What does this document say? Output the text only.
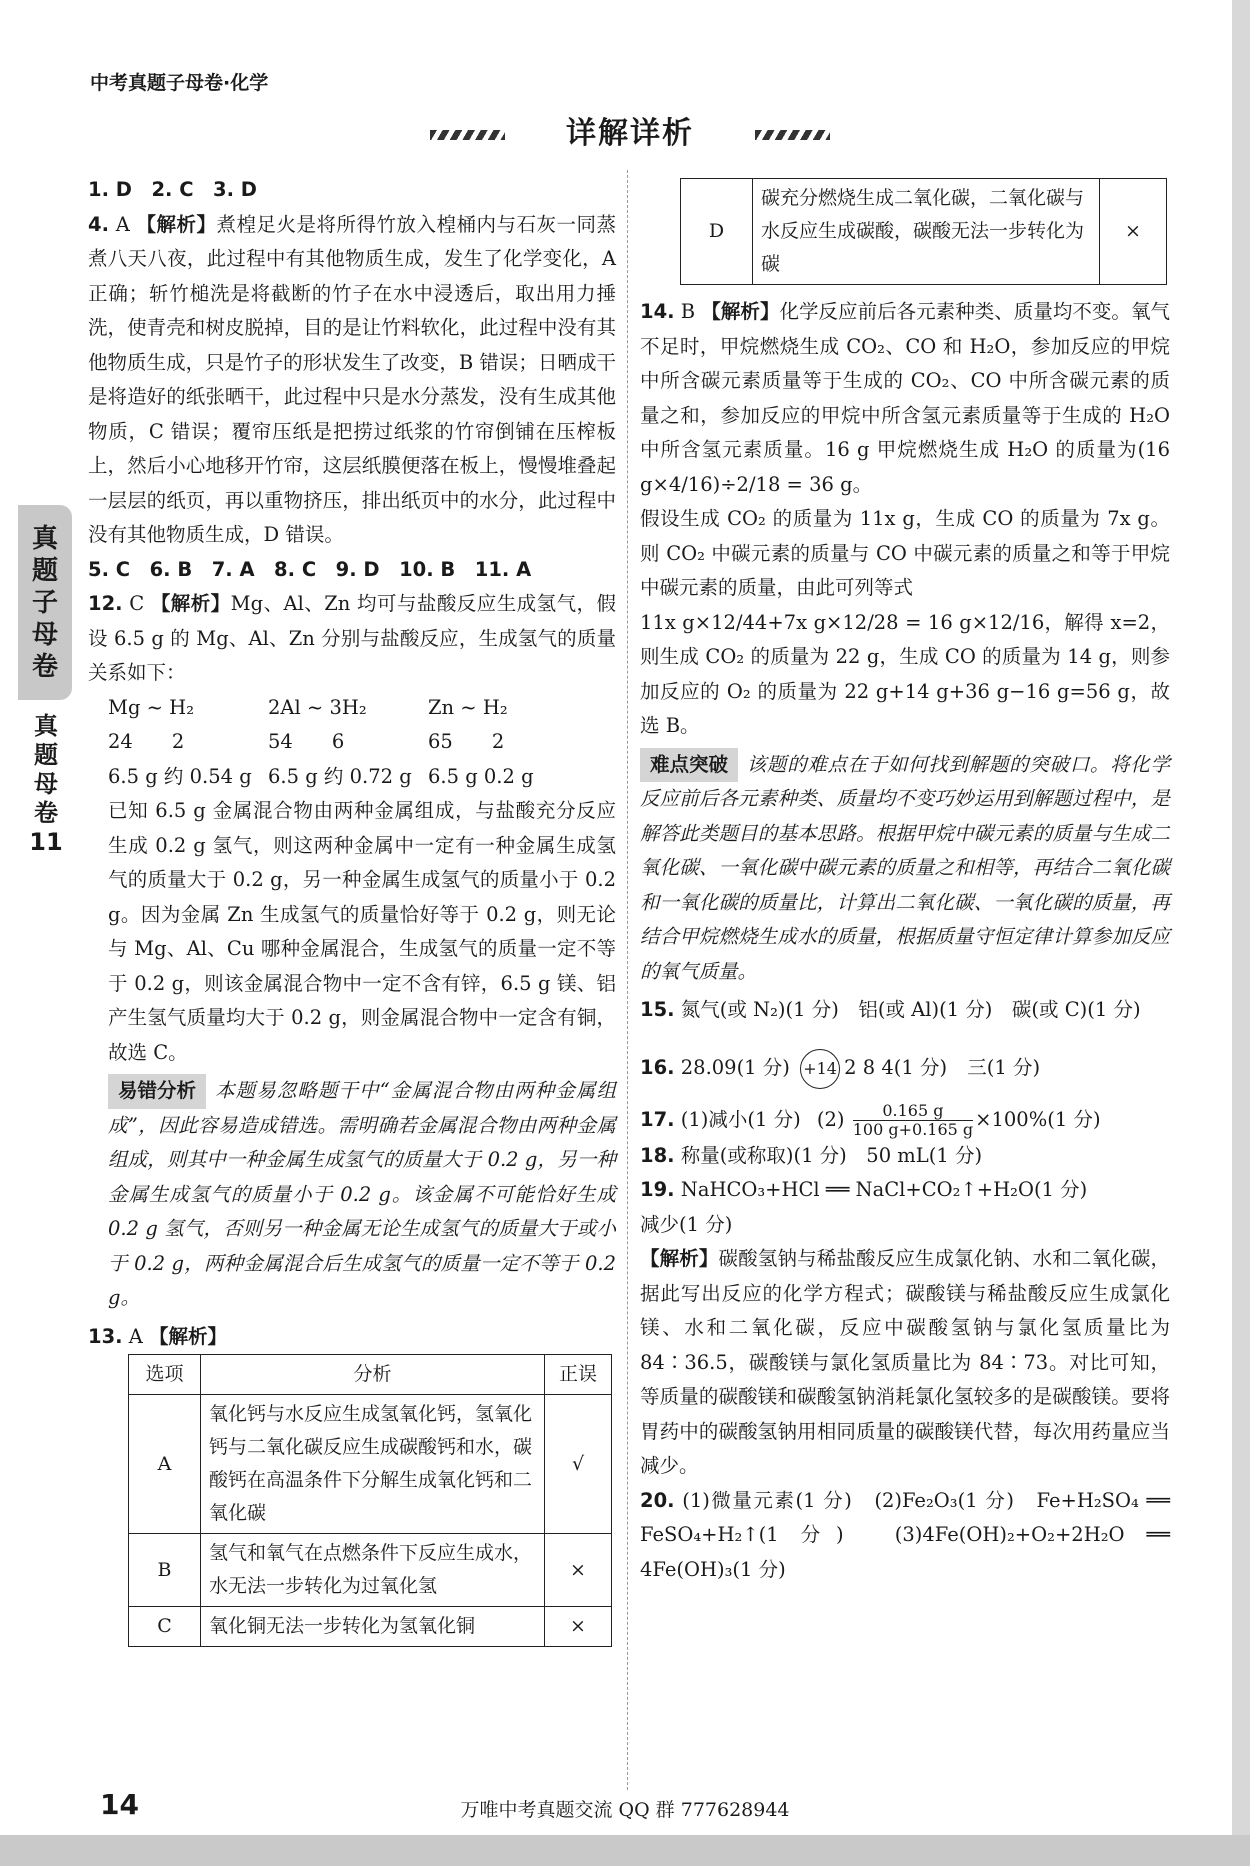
中考真题子母卷·化学
详解详析
真
题
子
母
卷
真
题
母
卷
11
1. D　2. C　3. D
4. A 【解析】煮楻足火是将所得竹放入楻桶内与石灰一同蒸煮八天八夜，此过程中有其他物质生成，发生了化学变化，A 正确；斩竹槌洗是将截断的竹子在水中浸透后，取出用力捶洗，使青壳和树皮脱掉，目的是让竹料软化，此过程中没有其他物质生成，只是竹子的形状发生了改变，B 错误；日晒成干是将造好的纸张晒干，此过程中只是水分蒸发，没有生成其他物质，C 错误；覆帘压纸是把捞过纸浆的竹帘倒铺在压榨板上，然后小心地移开竹帘，这层纸膜便落在板上，慢慢堆叠起一层层的纸页，再以重物挤压，排出纸页中的水分，此过程中没有其他物质生成，D 错误。
5. C　6. B　7. A　8. C　9. D　10. B　11. A
12. C 【解析】Mg、Al、Zn 均可与盐酸反应生成氢气，假设 6.5 g 的 Mg、Al、Zn 分别与盐酸反应，生成氢气的质量关系如下：
Mg ~ H₂	2Al ~ 3H₂	Zn ~ H₂
24　　2	54　　6	65　　2
6.5 g 约 0.54 g 6.5 g 约 0.72 g 6.5 g 0.2 g
已知 6.5 g 金属混合物由两种金属组成，与盐酸充分反应生成 0.2 g 氢气，则这两种金属中一定有一种金属生成氢气的质量大于 0.2 g，另一种金属生成氢气的质量小于 0.2 g。因为金属 Zn 生成氢气的质量恰好等于 0.2 g，则无论与 Mg、Al、Cu 哪种金属混合，生成氢气的质量一定不等于 0.2 g，则该金属混合物中一定不含有锌，6.5 g 镁、铝产生氢气质量均大于 0.2 g，则金属混合物中一定含有铜，故选 C。
易错分析 本题易忽略题干中“金属混合物由两种金属组成”，因此容易造成错选。需明确若金属混合物由两种金属组成，则其中一种金属生成氢气的质量大于 0.2 g，另一种金属生成氢气的质量小于 0.2 g。该金属不可能恰好生成 0.2 g 氢气，否则另一种金属无论生成氢气的质量大于或小于 0.2 g，两种金属混合后生成氢气的质量一定不等于 0.2 g。
13. A 【解析】
选项	分析	正误
A	氧化钙与水反应生成氢氧化钙，氢氧化钙与二氧化碳反应生成碳酸钙和水，碳酸钙在高温条件下分解生成氧化钙和二氧化碳	√
B	氢气和氧气在点燃条件下反应生成水，水无法一步转化为过氧化氢	×
C	氧化铜无法一步转化为氢氧化铜	×
D	碳充分燃烧生成二氧化碳，二氧化碳与水反应生成碳酸，碳酸无法一步转化为碳	×
14. B 【解析】化学反应前后各元素种类、质量均不变。氧气不足时，甲烷燃烧生成 CO₂、CO 和 H₂O，参加反应的甲烷中所含碳元素质量等于生成的 CO₂、CO 中所含碳元素的质量之和，参加反应的甲烷中所含氢元素质量等于生成的 H₂O 中所含氢元素质量。16 g 甲烷燃烧生成 H₂O 的质量为(16 g×4/16)÷2/18 = 36 g。
假设生成 CO₂ 的质量为 11x g，生成 CO 的质量为 7x g。则 CO₂ 中碳元素的质量与 CO 中碳元素的质量之和等于甲烷中碳元素的质量，由此可列等式
11x g×12/44+7x g×12/28 = 16 g×12/16，解得 x=2，则生成 CO₂ 的质量为 22 g，生成 CO 的质量为 14 g，则参加反应的 O₂ 的质量为 22 g+14 g+36 g−16 g=56 g，故选 B。
难点突破 该题的难点在于如何找到解题的突破口。将化学反应前后各元素种类、质量均不变巧妙运用到解题过程中，是解答此类题目的基本思路。根据甲烷中碳元素的质量与生成二氧化碳、一氧化碳中碳元素的质量之和相等，再结合二氧化碳和一氧化碳的质量比，计算出二氧化碳、一氧化碳的质量，再结合甲烷燃烧生成水的质量，根据质量守恒定律计算参加反应的氧气质量。
15. 氮气(或 N₂)(1 分)　铝(或 Al)(1 分)　碳(或 C)(1 分)
16. 28.09(1 分) +14 2 8 4(1 分) 三(1 分)
17. (1)减小(1 分) $(2) \frac{0.165 g}{100 g+0.165 g} \times 100\%(1$ 分)
18. 称量(或称取)(1 分)　50 mL(1 分)
19. NaHCO₃+HCl ══ NaCl+CO₂↑+H₂O(1 分)
减少(1 分)
【解析】碳酸氢钠与稀盐酸反应生成氯化钠、水和二氧化碳，据此写出反应的化学方程式；碳酸镁与稀盐酸反应生成氯化镁、水和二氧化碳，反应中碳酸氢钠与氯化氢质量比为 84∶36.5，碳酸镁与氯化氢质量比为 84∶73。对比可知，等质量的碳酸镁和碳酸氢钠消耗氯化氢较多的是碳酸镁。要将胃药中的碳酸氢钠用相同质量的碳酸镁代替，每次用药量应当减少。
20. (1)微量元素(1 分)　(2)Fe₂O₃(1 分)　Fe+H₂SO₄ ══ FeSO₄+H₂↑(1 分)　(3)4Fe(OH)₂+O₂+2H₂O ══ 4Fe(OH)₃(1 分)
14	万唯中考真题交流 QQ 群 777628944
